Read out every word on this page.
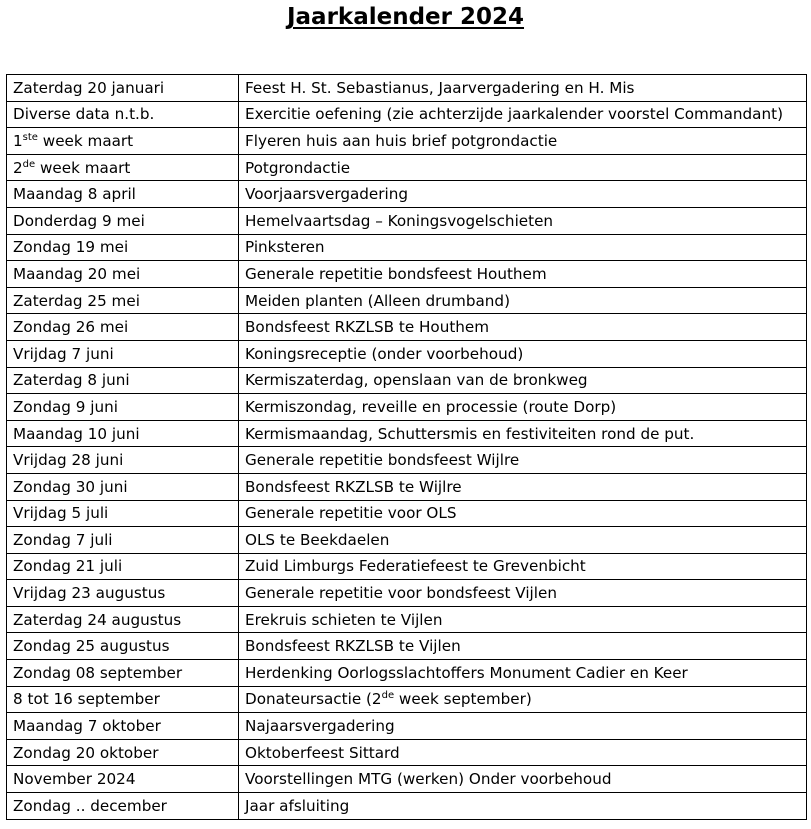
Jaarkalender 2024
Zaterdag 20 januari	Feest H. St. Sebastianus, Jaarvergadering en H. Mis
Diverse data n.t.b.	Exercitie oefening (zie achterzijde jaarkalender voorstel Commandant)
1ste week maart	Flyeren huis aan huis brief potgrondactie
2de week maart	Potgrondactie
Maandag 8 april	Voorjaarsvergadering
Donderdag 9 mei	Hemelvaartsdag – Koningsvogelschieten
Zondag 19 mei	Pinksteren
Maandag 20 mei	Generale repetitie bondsfeest Houthem
Zaterdag 25 mei	Meiden planten (Alleen drumband)
Zondag 26 mei	Bondsfeest RKZLSB te Houthem
Vrijdag 7 juni	Koningsreceptie (onder voorbehoud)
Zaterdag 8 juni	Kermiszaterdag, openslaan van de bronkweg
Zondag 9 juni	Kermiszondag, reveille en processie (route Dorp)
Maandag 10 juni	Kermismaandag, Schuttersmis en festiviteiten rond de put.
Vrijdag 28 juni	Generale repetitie bondsfeest Wijlre
Zondag 30 juni	Bondsfeest RKZLSB te Wijlre
Vrijdag 5 juli	Generale repetitie voor OLS
Zondag 7 juli	OLS te Beekdaelen
Zondag 21 juli	Zuid Limburgs Federatiefeest te Grevenbicht
Vrijdag 23 augustus	Generale repetitie voor bondsfeest Vijlen
Zaterdag 24 augustus	Erekruis schieten te Vijlen
Zondag 25 augustus	Bondsfeest RKZLSB te Vijlen
Zondag 08 september	Herdenking Oorlogsslachtoffers Monument Cadier en Keer
8 tot 16 september	Donateursactie (2de week september)
Maandag 7 oktober	Najaarsvergadering
Zondag 20 oktober	Oktoberfeest Sittard
November 2024	Voorstellingen MTG (werken) Onder voorbehoud
Zondag .. december	Jaar afsluiting
